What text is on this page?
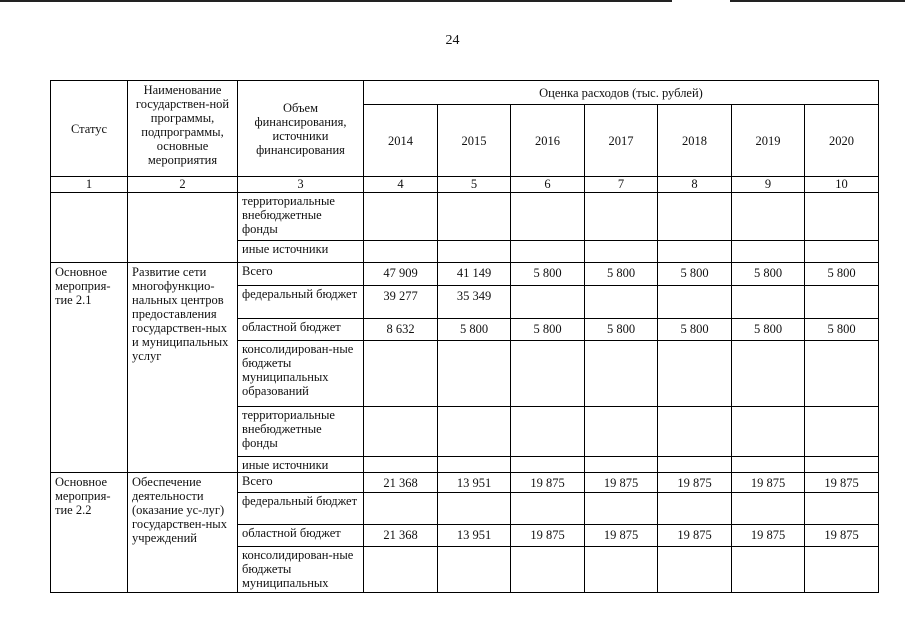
24
Статус	Наименование государствен-ной программы, подпрограммы, основные мероприятия	Объем финансирования, источники финансирования	Оценка расходов (тыс. рублей)						
			2014	2015	2016	2017	2018	2019	2020
1	2	3	4	5	6	7	8	9	10
		территориальные внебюджетные фонды							
		иные источники							
Основное мероприя-тие 2.1	Развитие сети многофункцио-нальных центров предоставления государствен-ных и муниципальных услуг	Всего	47 909	41 149	5 800	5 800	5 800	5 800	5 800
		федеральный бюджет	39 277	35 349					
		областной бюджет	8 632	5 800	5 800	5 800	5 800	5 800	5 800
		консолидирован-ные бюджеты муниципальных образований							
		территориальные внебюджетные фонды							
		иные источники							
Основное мероприя-тие 2.2	Обеспечение деятельности (оказание ус-луг) государствен-ных учреждений	Всего	21 368	13 951	19 875	19 875	19 875	19 875	19 875
		федеральный бюджет							
		областной бюджет	21 368	13 951	19 875	19 875	19 875	19 875	19 875
		консолидирован-ные бюджеты муниципальных							
